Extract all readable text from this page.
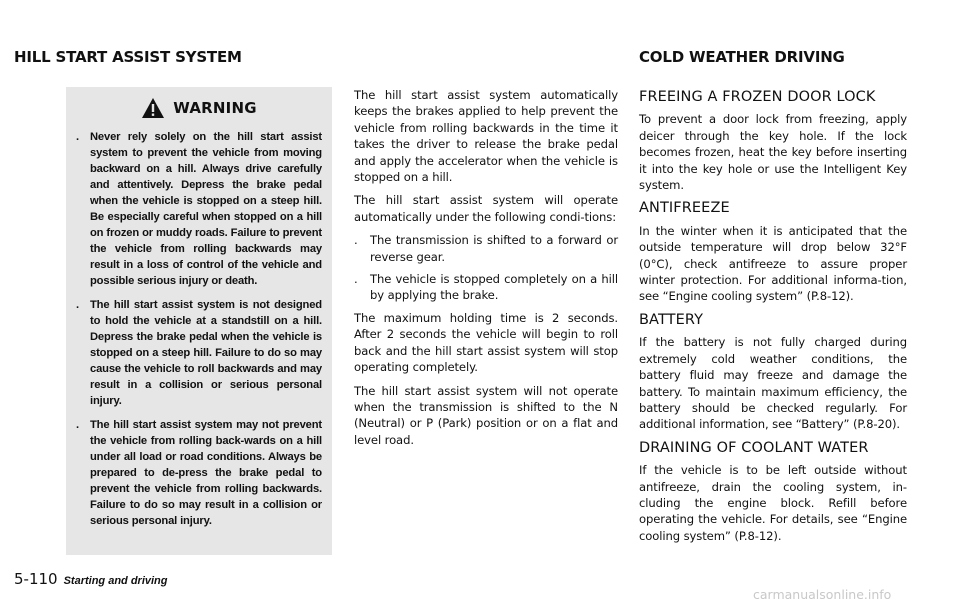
HILL START ASSIST SYSTEM	COLD WEATHER DRIVING
WARNING
. Never rely solely on the hill start assist system to prevent the vehicle from moving backward on a hill. Always drive carefully and attentively. Depress the brake pedal when the vehicle is stopped on a steep hill. Be especially careful when stopped on a hill on frozen or muddy roads. Failure to prevent the vehicle from rolling backwards may result in a loss of control of the vehicle and possible serious injury or death.
. The hill start assist system is not designed to hold the vehicle at a standstill on a hill. Depress the brake pedal when the vehicle is stopped on a steep hill. Failure to do so may cause the vehicle to roll backwards and may result in a collision or serious personal injury.
. The hill start assist system may not prevent the vehicle from rolling back-wards on a hill under all load or road conditions. Always be prepared to de-press the brake pedal to prevent the vehicle from rolling backwards. Failure to do so may result in a collision or serious personal injury.

The hill start assist system automatically keeps the brakes applied to help prevent the vehicle from rolling backwards in the time it takes the driver to release the brake pedal and apply the accelerator when the vehicle is stopped on a hill.

The hill start assist system will operate automatically under the following condi-tions:

. The transmission is shifted to a forward or reverse gear.
. The vehicle is stopped completely on a hill by applying the brake.

The maximum holding time is 2 seconds. After 2 seconds the vehicle will begin to roll back and the hill start assist system will stop operating completely.

The hill start assist system will not operate when the transmission is shifted to the N (Neutral) or P (Park) position or on a flat and level road.

FREEING A FROZEN DOOR LOCK

To prevent a door lock from freezing, apply deicer through the key hole. If the lock becomes frozen, heat the key before inserting it into the key hole or use the Intelligent Key system.

ANTIFREEZE

In the winter when it is anticipated that the outside temperature will drop below 32°F (0°C), check antifreeze to assure proper winter protection. For additional informa-tion, see “Engine cooling system” (P.8-12).

BATTERY

If the battery is not fully charged during extremely cold weather conditions, the battery fluid may freeze and damage the battery. To maintain maximum efficiency, the battery should be checked regularly. For additional information, see “Battery” (P.8-20).

DRAINING OF COOLANT WATER

If the vehicle is to be left outside without antifreeze, drain the cooling system, in-cluding the engine block. Refill before operating the vehicle. For details, see “Engine cooling system” (P.8-12).

5-110 Starting and driving
carmanualsonline.info
